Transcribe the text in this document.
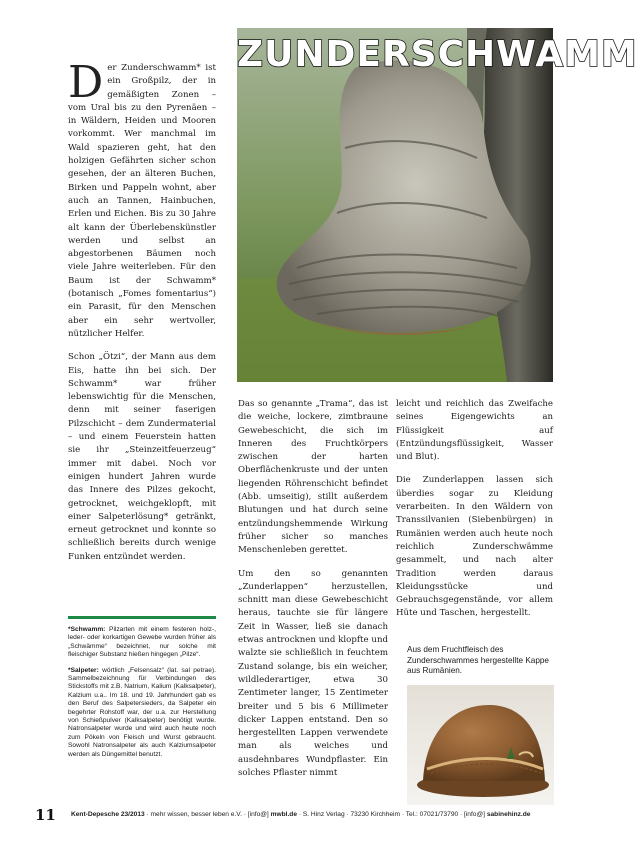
ZUNDERSCHWAMM

Der Zunderschwamm* ist ein Großpilz, der in gemäßigten Zonen – vom Ural bis zu den Pyrenäen – in Wäldern, Heiden und Mooren vorkommt. Wer manchmal im Wald spazieren geht, hat den holzigen Gefährten sicher schon gesehen, der an älteren Buchen, Birken und Pappeln wohnt, aber auch an Tannen, Hainbuchen, Erlen und Eichen. Bis zu 30 Jahre alt kann der Überlebenskünstler werden und selbst an abgestorbenen Bäumen noch viele Jahre weiterleben. Für den Baum ist der Schwamm* (botanisch „Fomes fomentarius“) ein Parasit, für den Menschen aber ein sehr wertvoller, nützlicher Helfer.

Schon „Ötzi“, der Mann aus dem Eis, hatte ihn bei sich. Der Schwamm* war früher lebenswichtig für die Menschen, denn mit seiner faserigen Pilzschicht – dem Zundermaterial – und einem Feuerstein hatten sie ihr „Steinzeitfeuerzeug“ immer mit dabei. Noch vor einigen hundert Jahren wurde das Innere des Pilzes gekocht, getrocknet, weichgeklopft, mit einer Salpeterlösung* getränkt, erneut getrocknet und konnte so schließlich bereits durch wenige Funken entzündet werden.

Das so genannte „Trama“, das ist die weiche, lockere, zimtbraune Gewebeschicht, die sich im Inneren des Fruchtkörpers zwischen der harten Oberflächenkruste und der unten liegenden Röhrenschicht befindet (Abb. umseitig), stillt außerdem Blutungen und hat durch seine entzündungshemmende Wirkung früher sicher so manches Menschenleben gerettet.

Um den so genannten „Zunderlappen“ herzustellen, schnitt man diese Gewebeschicht heraus, tauchte sie für längere Zeit in Wasser, ließ sie danach etwas antrocknen und klopfte und walzte sie schließlich in feuchtem Zustand solange, bis ein weicher, wildlederartiger, etwa 30 Zentimeter langer, 15 Zentimeter breiter und 5 bis 6 Millimeter dicker Lappen entstand. Den so hergestellten Lappen verwendete man als weiches und ausdehnbares Wundpflaster. Ein solches Pflaster nimmt

leicht und reichlich das Zweifache seines Eigengewichts an Flüssigkeit auf (Entzündungsflüssigkeit, Wasser und Blut).

Die Zunderlappen lassen sich überdies sogar zu Kleidung verarbeiten. In den Wäldern von Transsilvanien (Siebenbürgen) in Rumänien werden auch heute noch reichlich Zunderschwämme gesammelt, und nach alter Tradition werden daraus Kleidungsstücke und Gebrauchsgegenstände, vor allem Hüte und Taschen, hergestellt.

*Schwamm: Pilzarten mit einem festeren holz-, leder- oder korkartigen Gewebe wurden früher als „Schwämme“ bezeichnet, nur solche mit fleischiger Substanz hießen hingegen „Pilze“.

*Salpeter: wörtlich „Felsensalz“ (lat. sal petrae). Sammelbezeichnung für Verbindungen des Stickstoffs mit z.B. Natrium, Kalium (Kalksalpeter), Kalzium u.a.. Im 18. und 19. Jahrhundert gab es den Beruf des Salpetersieders, da Salpeter ein begehrter Rohstoff war, der u.a. zur Herstellung von Schießpulver (Kalksalpeter) benötigt wurde. Natronsalpeter wurde und wird auch heute noch zum Pökeln von Fleisch und Wurst gebraucht. Sowohl Natronsalpeter als auch Kalziumsalpeter werden als Düngemittel benutzt.

Aus dem Fruchtfleisch des Zunderschwammes hergestellte Kappe aus Rumänien.
11 Kent-Depesche 23/2013 · mehr wissen, besser leben e.V. · [info@] mwbl.de · S. Hinz Verlag · 73230 Kirchheim · Tel.: 07021/73790 · [info@] sabinehinz.de
